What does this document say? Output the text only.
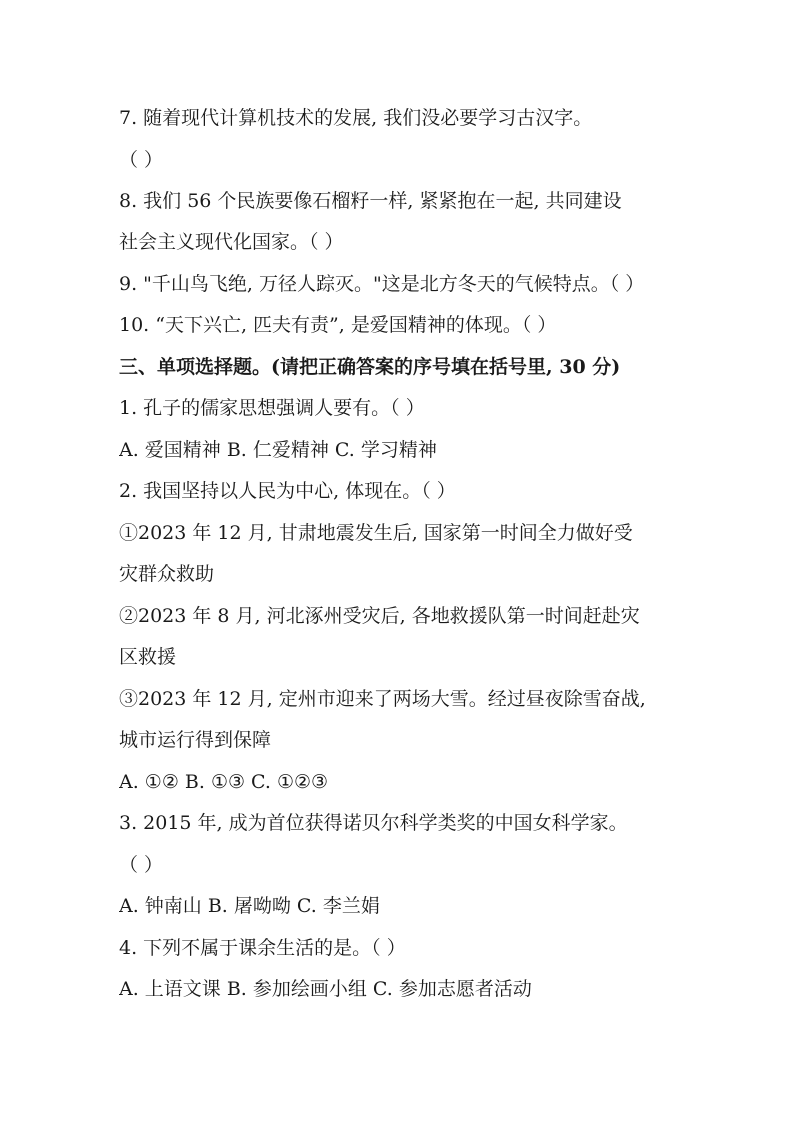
7. 随着现代计算机技术的发展, 我们没必要学习古汉字。
（ ）
8. 我们 56 个民族要像石榴籽一样, 紧紧抱在一起, 共同建设
社会主义现代化国家。（ ）
9. "千山鸟飞绝, 万径人踪灭。"这是北方冬天的气候特点。（ ）
10. “天下兴亡, 匹夫有责”, 是爱国精神的体现。（ ）
三、单项选择题。(请把正确答案的序号填在括号里, 30 分)
1. 孔子的儒家思想强调人要有。（ ）
A. 爱国精神 B. 仁爱精神 C. 学习精神
2. 我国坚持以人民为中心, 体现在。（ ）
①2023 年 12 月, 甘肃地震发生后, 国家第一时间全力做好受
灾群众救助
②2023 年 8 月, 河北涿州受灾后, 各地救援队第一时间赶赴灾
区救援
③2023 年 12 月, 定州市迎来了两场大雪。经过昼夜除雪奋战,
城市运行得到保障
A. ①② B. ①③ C. ①②③
3. 2015 年, 成为首位获得诺贝尔科学类奖的中国女科学家。
（ ）
A. 钟南山 B. 屠呦呦 C. 李兰娟
4. 下列不属于课余生活的是。（ ）
A. 上语文课 B. 参加绘画小组 C. 参加志愿者活动
